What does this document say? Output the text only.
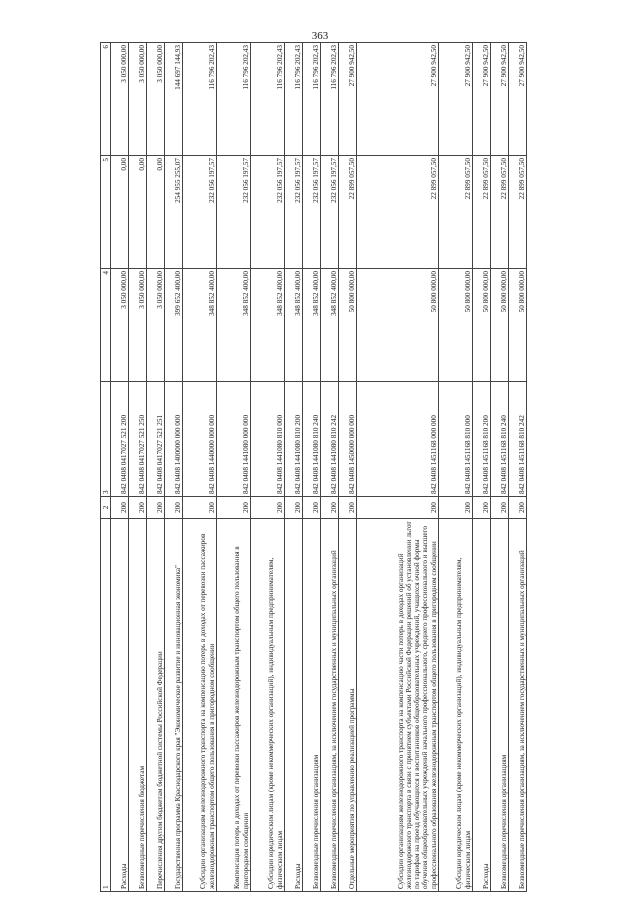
363
1	2	3	4	5	6
Расходы	200	842 0408 0417027 521 200	3 050 000,00	0,00	3 050 000,00
Безвозмездные перечисления бюджетам	200	842 0408 0417027 521 250	3 050 000,00	0,00	3 050 000,00
Перечисления другим бюджетам бюджетной системы Российской Федерации	200	842 0408 0417027 521 251	3 050 000,00	0,00	3 050 000,00
Государственная программа Краснодарского края "Экономическое развитие и инновационная экономика"	200	842 0408 1400000 000 000	399 652 400,00	254 955 255,07	144 697 144,93
Субсидии организациям железнодорожного транспорта на компенсацию потерь в доходах от перевозки пассажиров железнодорожным транспортом общего пользования в пригородном сообщении	200	842 0408 1440000 000 000	348 852 400,00	232 056 197,57	116 796 202,43
Компенсация потерь в доходах от перевозки пассажиров железнодорожным транспортом общего пользования в пригородном сообщении	200	842 0408 1441080 000 000	348 852 400,00	232 056 197,57	116 796 202,43
Субсидии юридическим лицам (кроме некоммерческих организаций), индивидуальным предпринимателям, физическим лицам	200	842 0408 1441080 810 000	348 852 400,00	232 056 197,57	116 796 202,43
Расходы	200	842 0408 1441080 810 200	348 852 400,00	232 056 197,57	116 796 202,43
Безвозмездные перечисления организациям	200	842 0408 1441080 810 240	348 852 400,00	232 056 197,57	116 796 202,43
Безвозмездные перечисления организациям, за исключением государственных и муниципальных организаций	200	842 0408 1441080 810 242	348 852 400,00	232 056 197,57	116 796 202,43
Отдельные мероприятия по управлению реализацией программы	200	842 0408 1450000 000 000	50 800 000,00	22 899 057,50	27 900 942,50
Субсидии организациям железнодорожного транспорта на компенсацию части потерь в доходах организаций железнодорожного транспорта в связи с принятием субъектами Российской Федерации решений об установлении льгот по тарифам на проезд обучающихся и воспитанников общеобразовательных учреждений, учащихся очной формы обучения общеобразовательных учреждений начального профессионального, среднего профессионального и высшего профессионального образования железнодорожным транспортом общего пользования в пригородном сообщении	200	842 0408 1451168 000 000	50 800 000,00	22 899 057,50	27 900 942,50
Субсидии юридическим лицам (кроме некоммерческих организаций), индивидуальным предпринимателям, физическим лицам	200	842 0408 1451168 810 000	50 800 000,00	22 899 057,50	27 900 942,50
Расходы	200	842 0408 1451168 810 200	50 800 000,00	22 899 057,50	27 900 942,50
Безвозмездные перечисления организациям	200	842 0408 1451168 810 240	50 800 000,00	22 899 057,50	27 900 942,50
Безвозмездные перечисления организациям, за исключением государственных и муниципальных организаций	200	842 0408 1451168 810 242	50 800 000,00	22 899 057,50	27 900 942,50
